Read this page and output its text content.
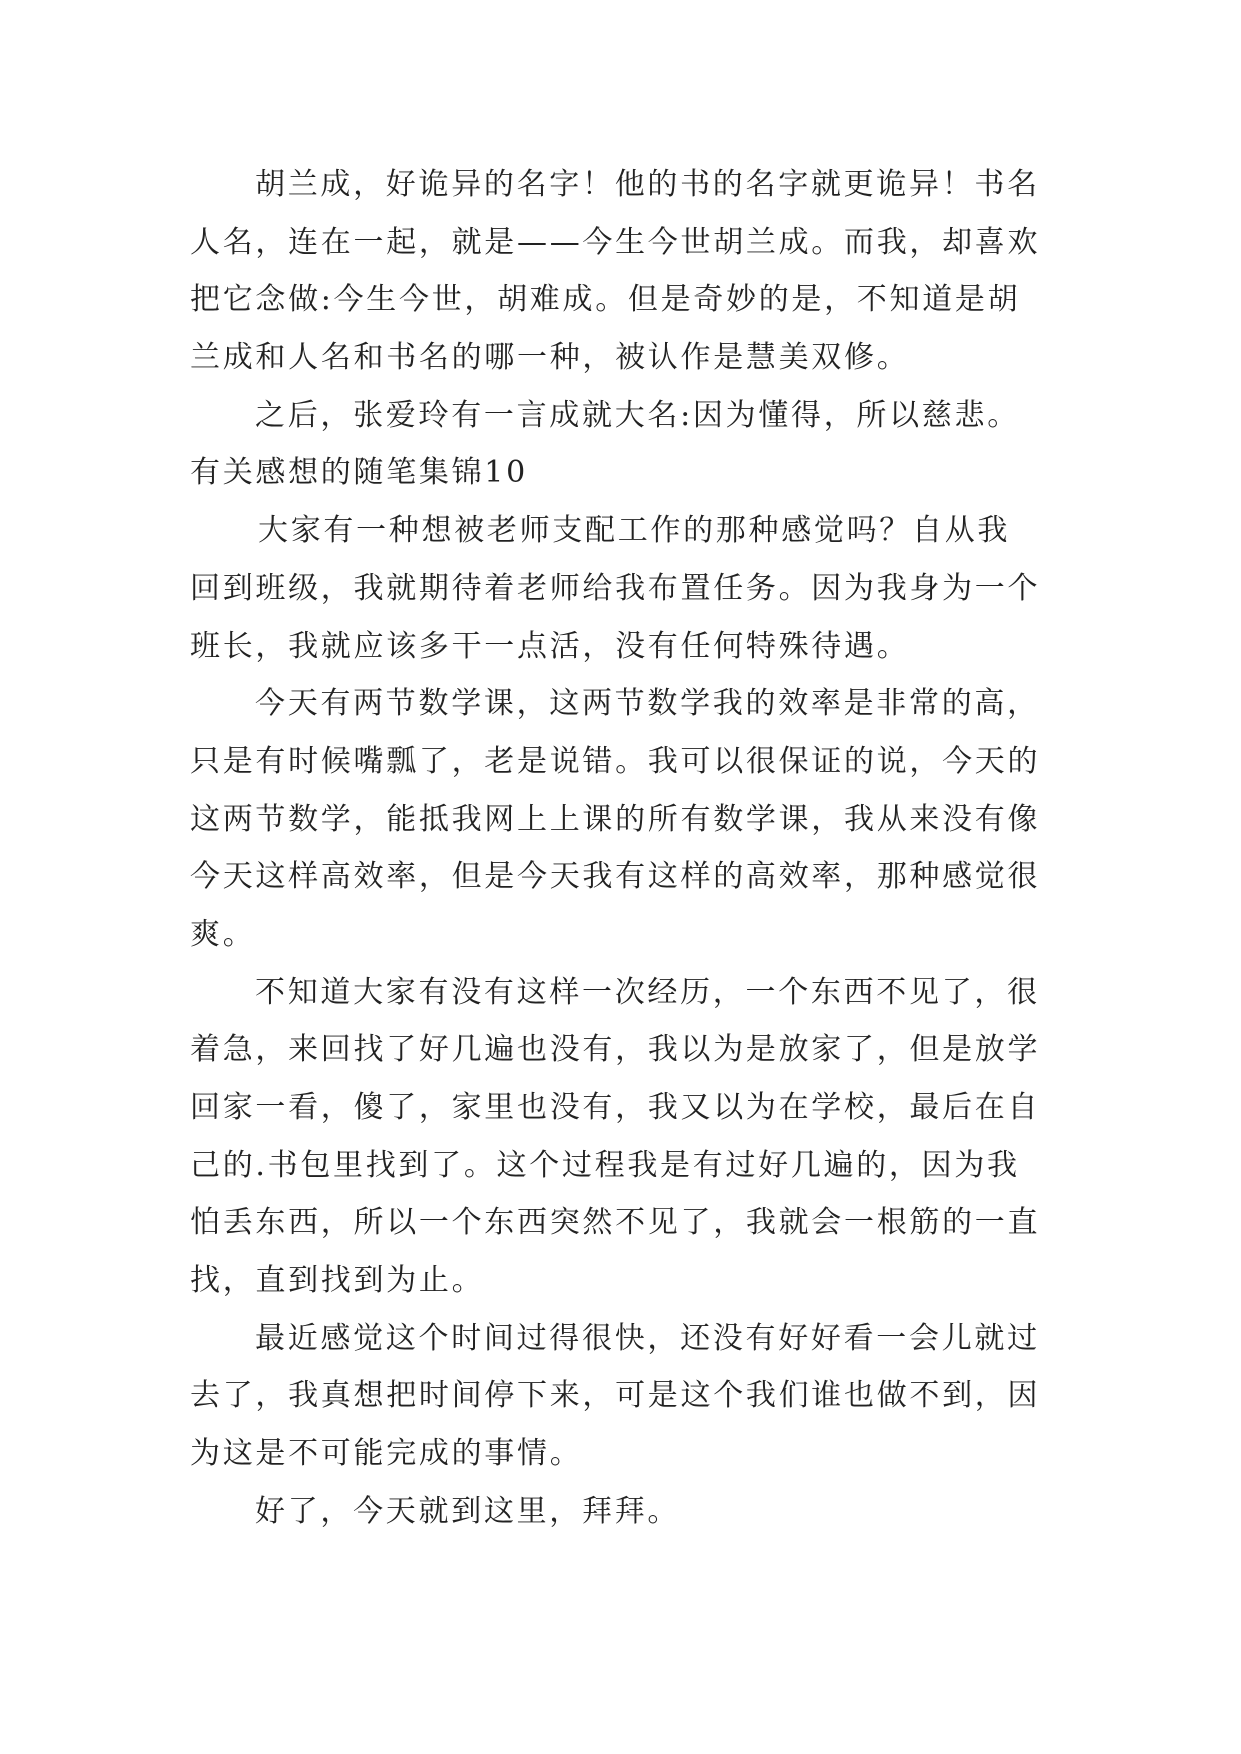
胡兰成，好诡异的名字！他的书的名字就更诡异！书名
人名，连在一起，就是——今生今世胡兰成。而我，却喜欢
把它念做:今生今世，胡难成。但是奇妙的是，不知道是胡
兰成和人名和书名的哪一种，被认作是慧美双修。
之后，张爱玲有一言成就大名:因为懂得，所以慈悲。
有关感想的随笔集锦10
大家有一种想被老师支配工作的那种感觉吗？自从我
回到班级，我就期待着老师给我布置任务。因为我身为一个
班长，我就应该多干一点活，没有任何特殊待遇。
今天有两节数学课，这两节数学我的效率是非常的高，
只是有时候嘴瓢了，老是说错。我可以很保证的说，今天的
这两节数学，能抵我网上上课的所有数学课，我从来没有像
今天这样高效率，但是今天我有这样的高效率，那种感觉很
爽。
不知道大家有没有这样一次经历，一个东西不见了，很
着急，来回找了好几遍也没有，我以为是放家了，但是放学
回家一看，傻了，家里也没有，我又以为在学校，最后在自
己的.书包里找到了。这个过程我是有过好几遍的，因为我
怕丢东西，所以一个东西突然不见了，我就会一根筋的一直
找，直到找到为止。
最近感觉这个时间过得很快，还没有好好看一会儿就过
去了，我真想把时间停下来，可是这个我们谁也做不到，因
为这是不可能完成的事情。
好了，今天就到这里，拜拜。
